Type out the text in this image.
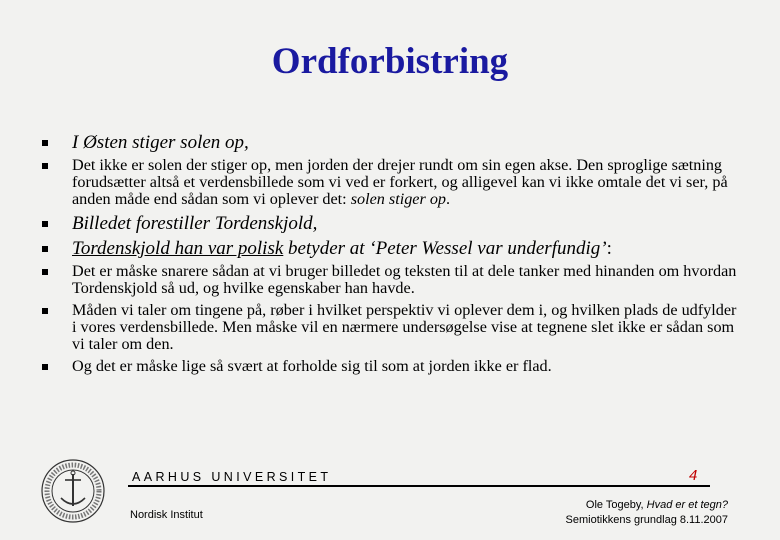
Ordforbistring
I Østen stiger solen op,
Det ikke er solen der stiger op, men jorden der drejer rundt om sin egen akse. Den sproglige sætning forudsætter altså et verdensbillede som vi ved er forkert, og alligevel kan vi ikke omtale det vi ser, på anden måde end sådan som vi oplever det: solen stiger op.
Billedet forestiller Tordenskjold,
Tordenskjold han var polisk betyder at ‘Peter Wessel var underfundig’:
Det er måske snarere sådan at vi bruger billedet og teksten til at dele tanker med hinanden om hvordan Tordenskjold så ud, og hvilke egenskaber han havde.
Måden vi taler om tingene på, røber i hvilket perspektiv vi oplever dem i, og hvilken plads de udfylder i vores verdensbillede. Men måske vil en nærmere undersøgelse vise at tegnene slet ikke er sådan som vi taler om den.
Og det er måske lige så svært at forholde sig til som at jorden ikke er flad.
AARHUS UNIVERSITET	4
Nordisk Institut
Ole Togeby, Hvad er et tegn?
Semiotikkens grundlag 8.11.2007
